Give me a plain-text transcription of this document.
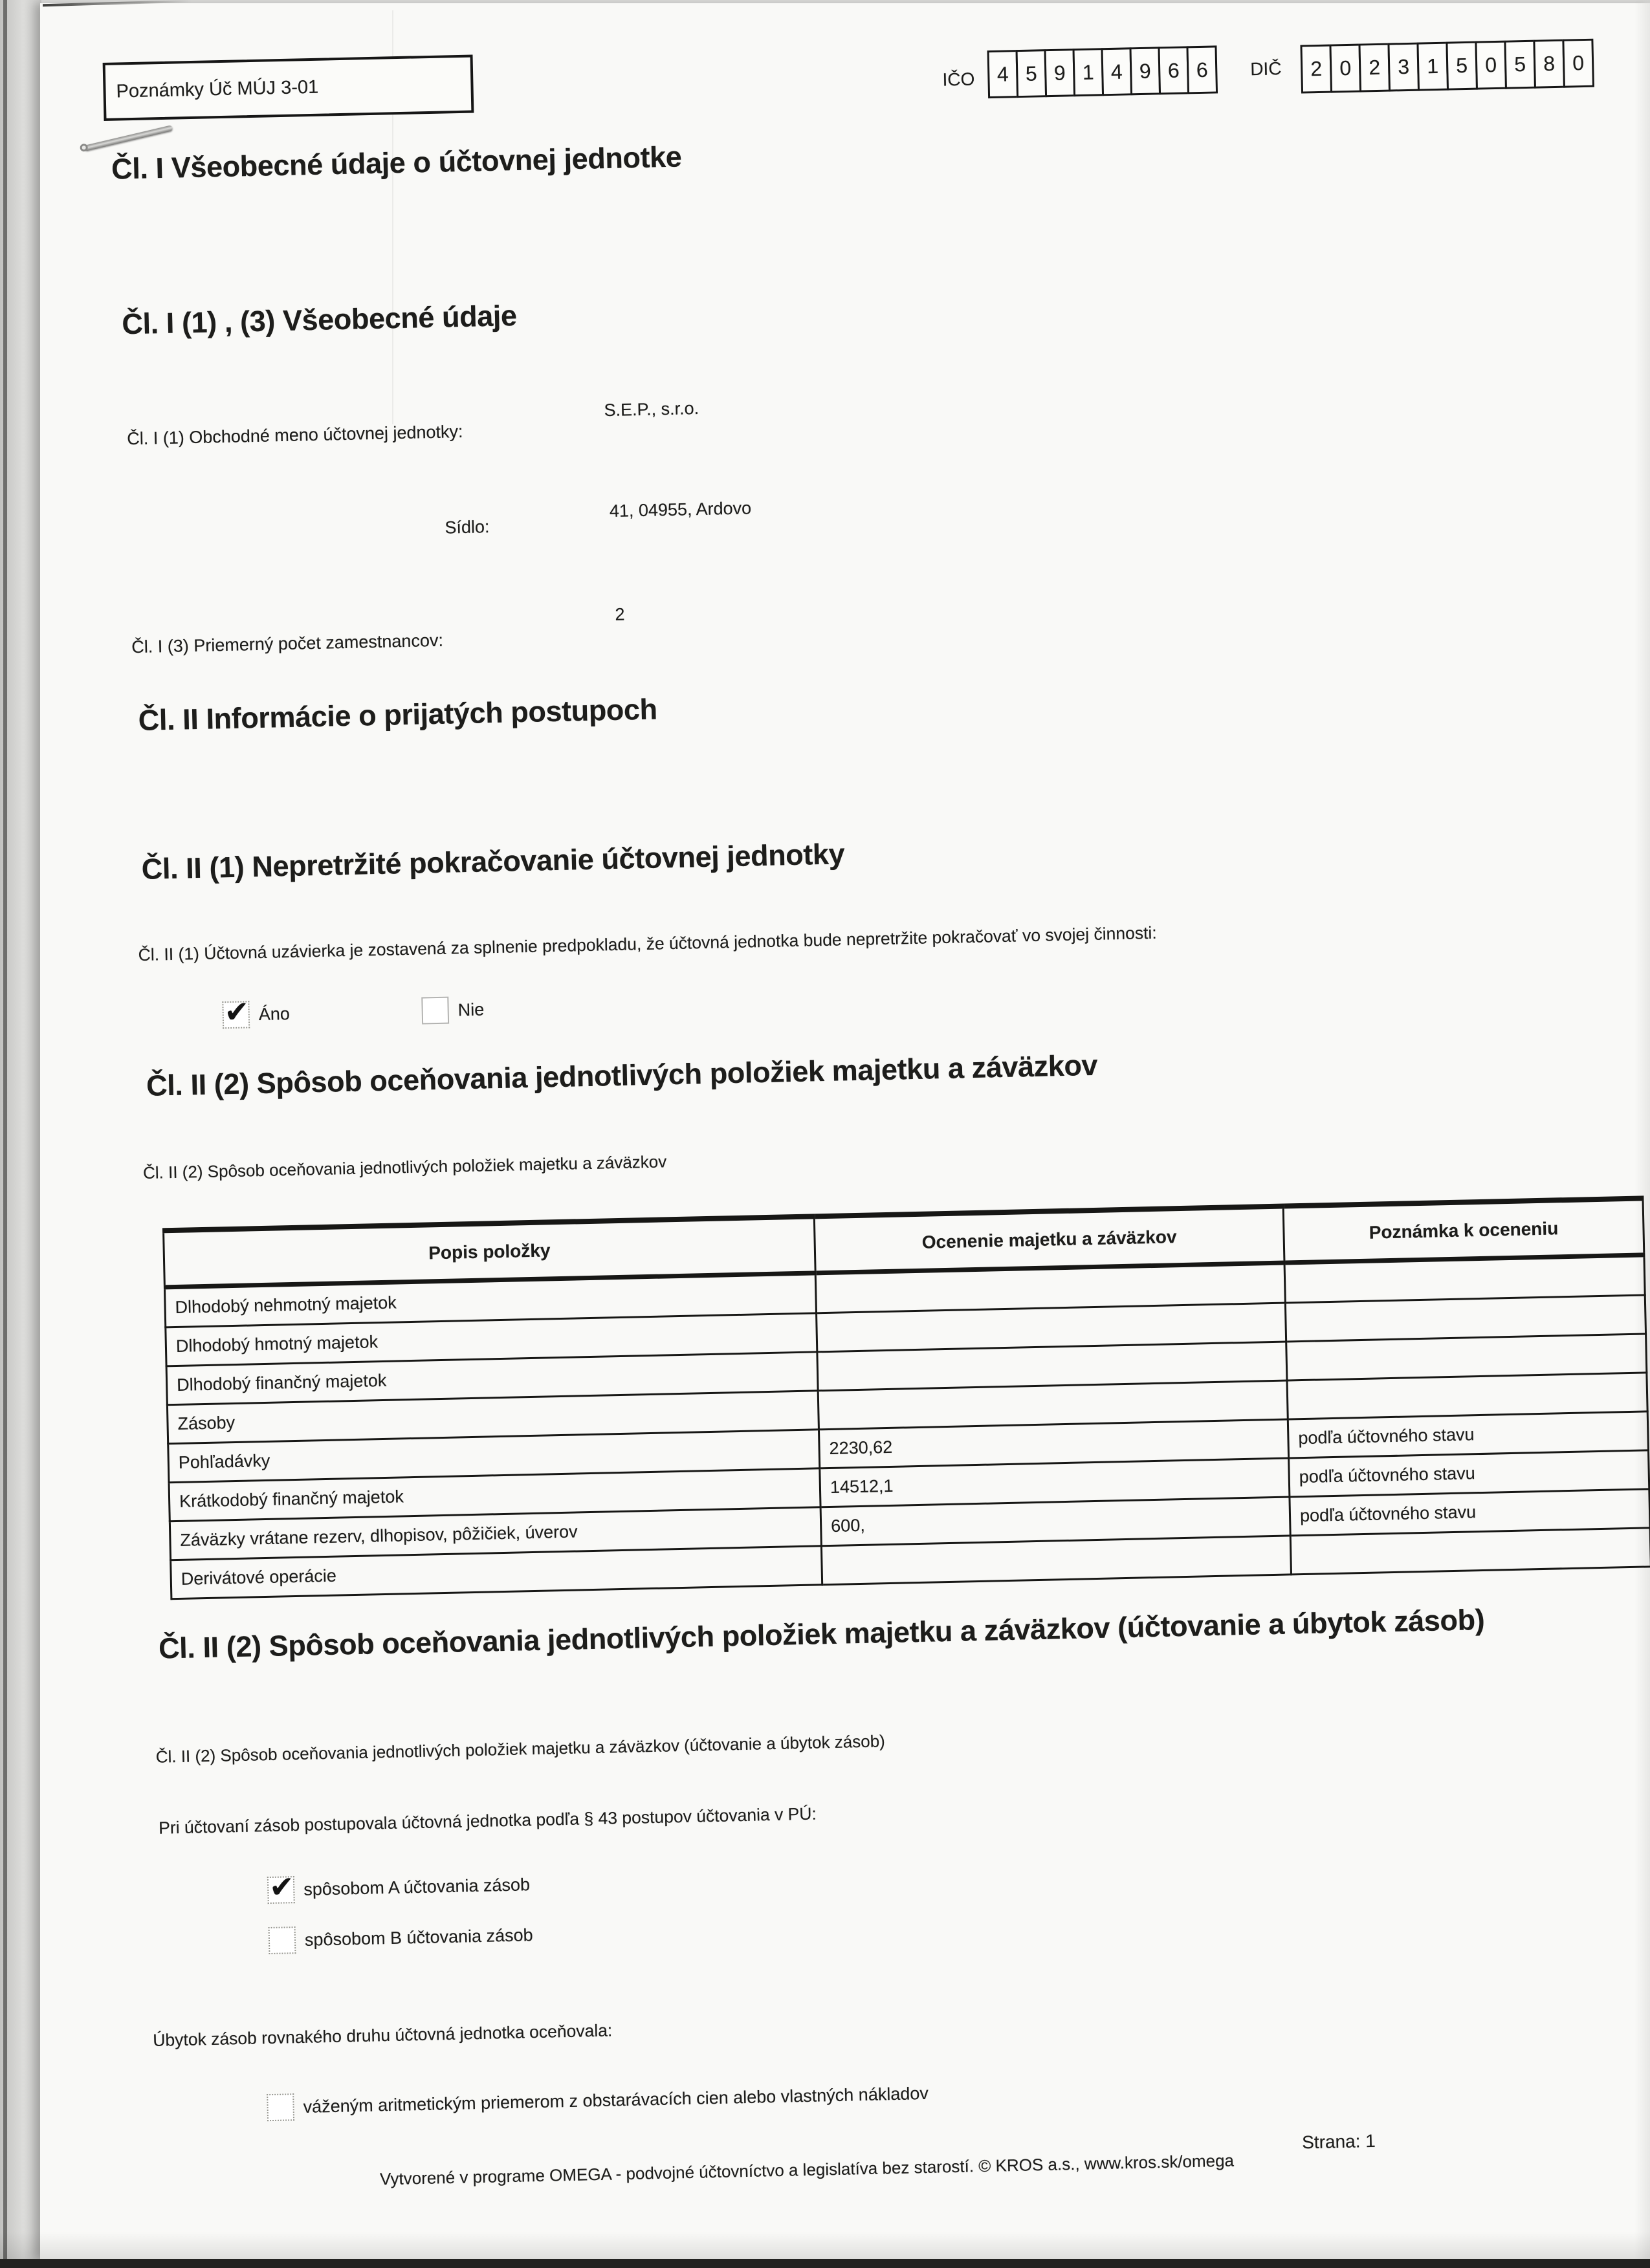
Poznámky Úč MÚJ 3-01	IČO	4 5 9 1 4 9 6 6	DIČ	2 0 2 3 1 5 0 5 8 0
Čl. I Všeobecné údaje o účtovnej jednotke
Čl. I (1) , (3) Všeobecné údaje
Čl. I (1) Obchodné meno účtovnej jednotky:
S.E.P., s.r.o.
Sídlo:
41, 04955, Ardovo
Čl. I (3) Priemerný počet zamestnancov:
2
Čl. II Informácie o prijatých postupoch
Čl. II (1) Nepretržité pokračovanie účtovnej jednotky
Čl. II (1) Účtovná uzávierka je zostavená za splnenie predpokladu, že účtovná jednotka bude nepretržite pokračovať vo svojej činnosti:
✔ Áno	Nie
Čl. II (2) Spôsob oceňovania jednotlivých položiek majetku a záväzkov
Čl. II (2) Spôsob oceňovania jednotlivých položiek majetku a záväzkov
Popis položky	Ocenenie majetku a záväzkov	Poznámka k oceneniu
Dlhodobý nehmotný majetok		
Dlhodobý hmotný majetok		
Dlhodobý finančný majetok		
Zásoby		
Pohľadávky	2230,62	podľa účtovného stavu
Krátkodobý finančný majetok	14512,1	podľa účtovného stavu
Záväzky vrátane rezerv, dlhopisov, pôžičiek, úverov	600,	podľa účtovného stavu
Derivátové operácie		
Čl. II (2) Spôsob oceňovania jednotlivých položiek majetku a záväzkov (účtovanie a úbytok zásob)
Čl. II (2) Spôsob oceňovania jednotlivých položiek majetku a záväzkov (účtovanie a úbytok zásob)
Pri účtovaní zásob postupovala účtovná jednotka podľa § 43 postupov účtovania v PÚ:
✔ spôsobom A účtovania zásob
spôsobom B účtovania zásob
Úbytok zásob rovnakého druhu účtovná jednotka oceňovala:
váženým aritmetickým priemerom z obstarávacích cien alebo vlastných nákladov
Strana: 1
Vytvorené v programe OMEGA - podvojné účtovníctvo a legislatíva bez starostí. © KROS a.s., www.kros.sk/omega
